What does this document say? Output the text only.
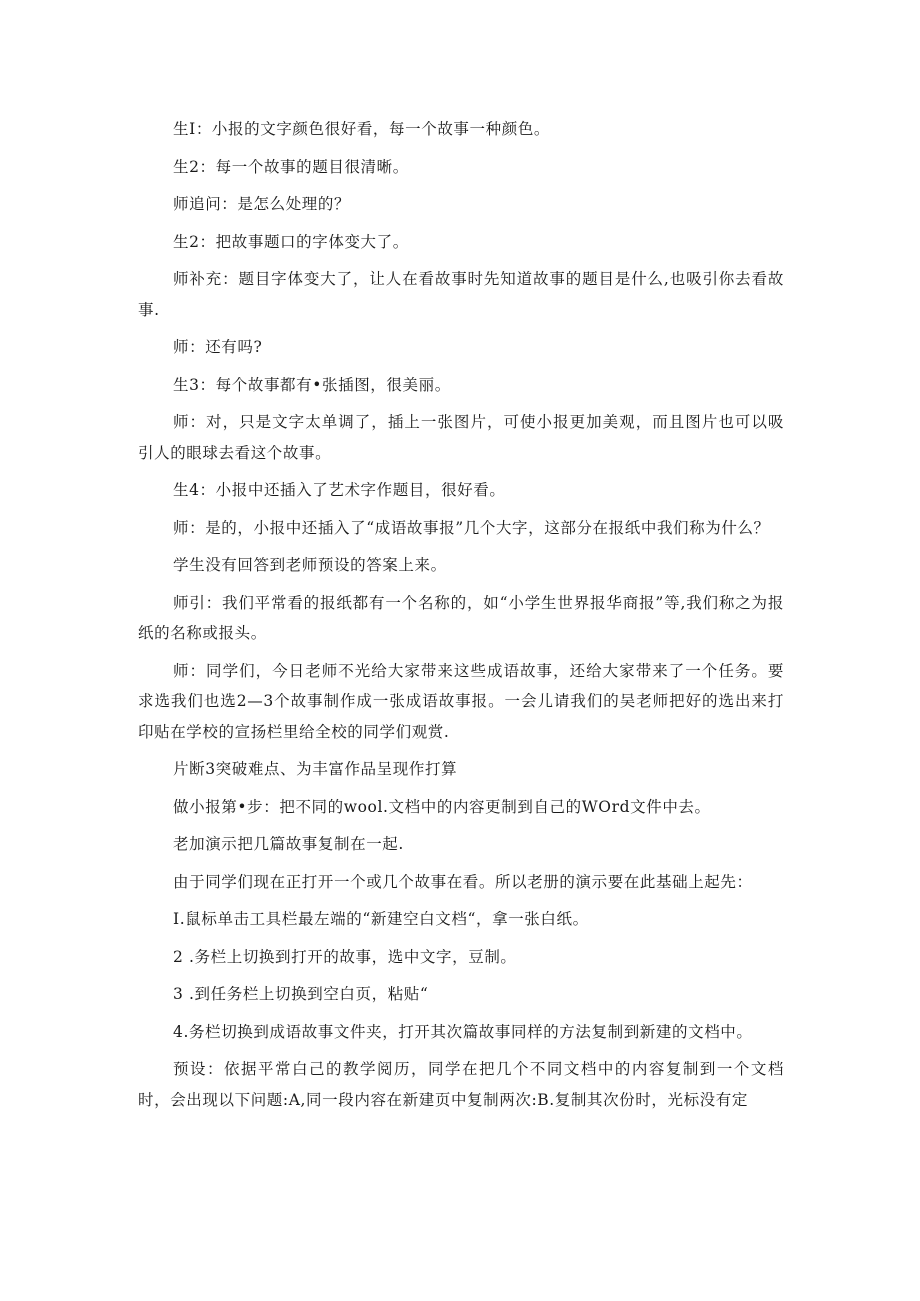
生I：小报的文字颜色很好看，每一个故事一种颜色。

生2：每一个故事的题目很清晰。

师追问：是怎么处理的？

生2：把故事题口的字体变大了。

师补充：题目字体变大了，让人在看故事时先知道故事的题目是什么,也吸引你去看故事.

师：还有吗?

生3：每个故事都有•张插图，很美丽。

师：对，只是文字太单调了，插上一张图片，可使小报更加美观，而且图片也可以吸引人的眼球去看这个故事。

生4：小报中还插入了艺术字作题目，很好看。

师：是的，小报中还插入了“成语故事报”几个大字，这部分在报纸中我们称为什么？

学生没有回答到老师预设的答案上来。

师引：我们平常看的报纸都有一个名称的，如“小学生世界报华商报”等,我们称之为报纸的名称或报头。

师：同学们，今日老师不光给大家带来这些成语故事，还给大家带来了一个任务。要求选我们也选2—3个故事制作成一张成语故事报。一会儿请我们的吴老师把好的选出来打印贴在学校的宣扬栏里给全校的同学们观赏.

片断3突破难点、为丰富作品呈现作打算

做小报第•步：把不同的wool.文档中的内容更制到自己的WOrd文件中去。

老加演示把几篇故事复制在一起.

由于同学们现在正打开一个或几个故事在看。所以老册的演示要在此基础上起先：

I.鼠标单击工具栏最左端的“新建空白文档“，拿一张白纸。

2 .务栏上切换到打开的故事，选中文字，豆制。

3 .到任务栏上切换到空白页，粘贴“

4.务栏切换到成语故事文件夹，打开其次篇故事同样的方法复制到新建的文档中。

预设：依据平常白己的教学阅历，同学在把几个不同文档中的内容复制到一个文档时，会出现以下问题:A,同一段内容在新建页中复制两次:B.复制其次份时，光标没有定
